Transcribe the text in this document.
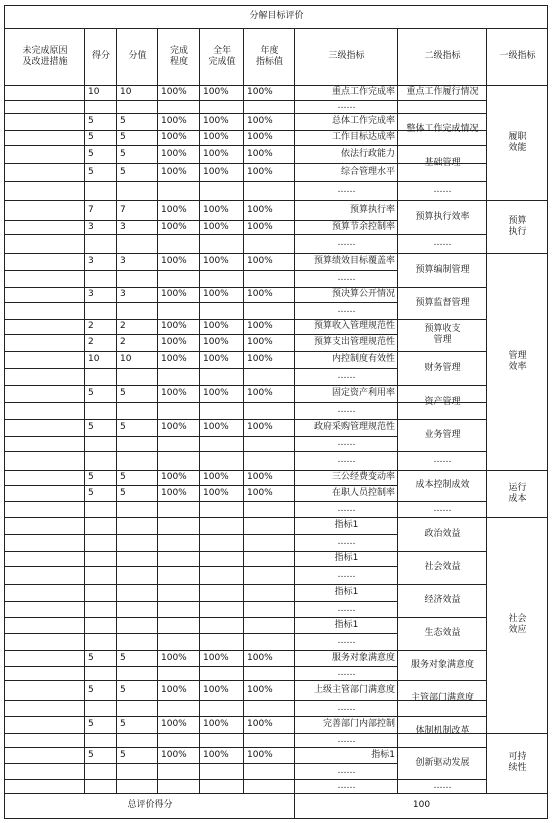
分解目标评价
一级指标
二级指标
三级指标
年度
指标值
全年
完成值
完成
程度
分值
得分
未完成原因
及改进措施
履职
效能
预算
执行
管理
效率
运行
成本
社会
效应
可持
续性
重点工作履行情况
整体工作完成情况
基础管理
预算执行效率
预算编制管理
预算监督管理
财务管理
资产管理
业务管理
成本控制成效
政治效益
社会效益
经济效益
生态效益
服务对象满意度
主管部门满意度
体制机制改革
创新驱动发展
预算收支
管理
……
……
……
……
……
重点工作完成率
100%
100%
100%
10
10
总体工作完成率
100%
100%
100%
5
5
工作目标达成率
100%
100%
100%
5
5
依法行政能力
100%
100%
100%
5
5
综合管理水平
100%
100%
100%
5
5
预算执行率
100%
100%
100%
7
7
预算节余控制率
100%
100%
100%
3
3
预算绩效目标覆盖率
100%
100%
100%
3
3
预决算公开情况
100%
100%
100%
3
3
预算收入管理规范性
100%
100%
100%
2
2
预算支出管理规范性
100%
100%
100%
2
2
内控制度有效性
100%
100%
100%
10
10
固定资产利用率
100%
100%
100%
5
5
政府采购管理规范性
100%
100%
100%
5
5
三公经费变动率
100%
100%
100%
5
5
在职人员控制率
100%
100%
100%
5
5
服务对象满意度
100%
100%
100%
5
5
上级主管部门满意度
100%
100%
100%
5
5
完善部门内部控制
100%
100%
100%
5
5
指标1
100%
100%
100%
5
5
……
……
……
……
……
……
……
……
……
……
……
……
……
……
……
……
……
……
……
指标1
指标1
指标1
指标1
总评价得分	100
